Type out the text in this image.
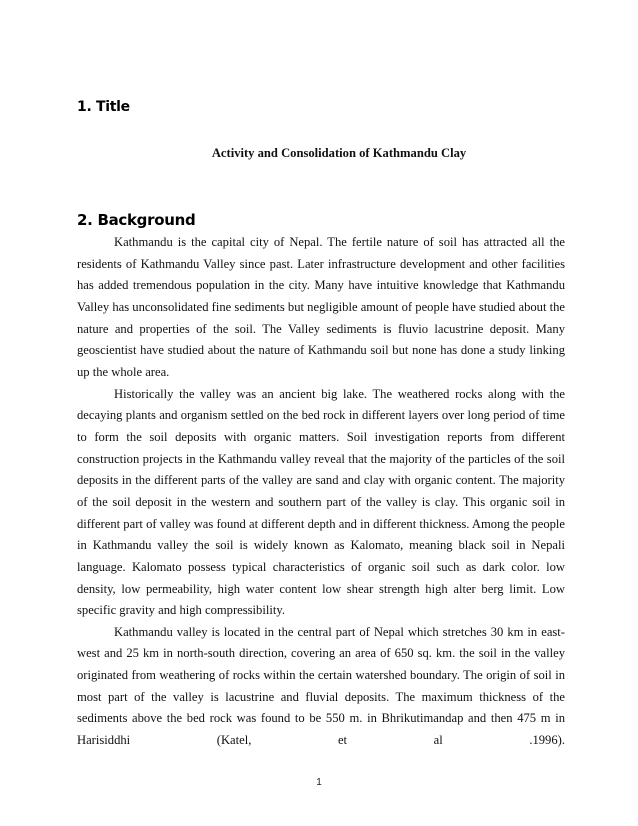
1. Title
Activity and Consolidation of Kathmandu Clay
2. Background

Kathmandu is the capital city of Nepal. The fertile nature of soil has attracted all the residents of Kathmandu Valley since past. Later infrastructure development and other facilities has added tremendous population in the city. Many have intuitive knowledge that Kathmandu Valley has unconsolidated fine sediments but negligible amount of people have studied about the nature and properties of the soil. The Valley sediments is fluvio lacustrine deposit. Many geoscientist have studied about the nature of Kathmandu soil but none has done a study linking up the whole area.

Historically the valley was an ancient big lake. The weathered rocks along with the decaying plants and organism settled on the bed rock in different layers over long period of time to form the soil deposits with organic matters. Soil investigation reports from different construction projects in the Kathmandu valley reveal that the majority of the particles of the soil deposits in the different parts of the valley are sand and clay with organic content. The majority of the soil deposit in the western and southern part of the valley is clay. This organic soil in different part of valley was found at different depth and in different thickness. Among the people in Kathmandu valley the soil is widely known as Kalomato, meaning black soil in Nepali language. Kalomato possess typical characteristics of organic soil such as dark color. low density, low permeability, high water content low shear strength high alter berg limit. Low specific gravity and high compressibility.

Kathmandu valley is located in the central part of Nepal which stretches 30 km in east-west and 25 km in north-south direction, covering an area of 650 sq. km. the soil in the valley originated from weathering of rocks within the certain watershed boundary. The origin of soil in most part of the valley is lacustrine and fluvial deposits. The maximum thickness of the sediments above the bed rock was found to be 550 m. in Bhrikutimandap and then 475 m in Harisiddhi (Katel, et al .1996).

1
